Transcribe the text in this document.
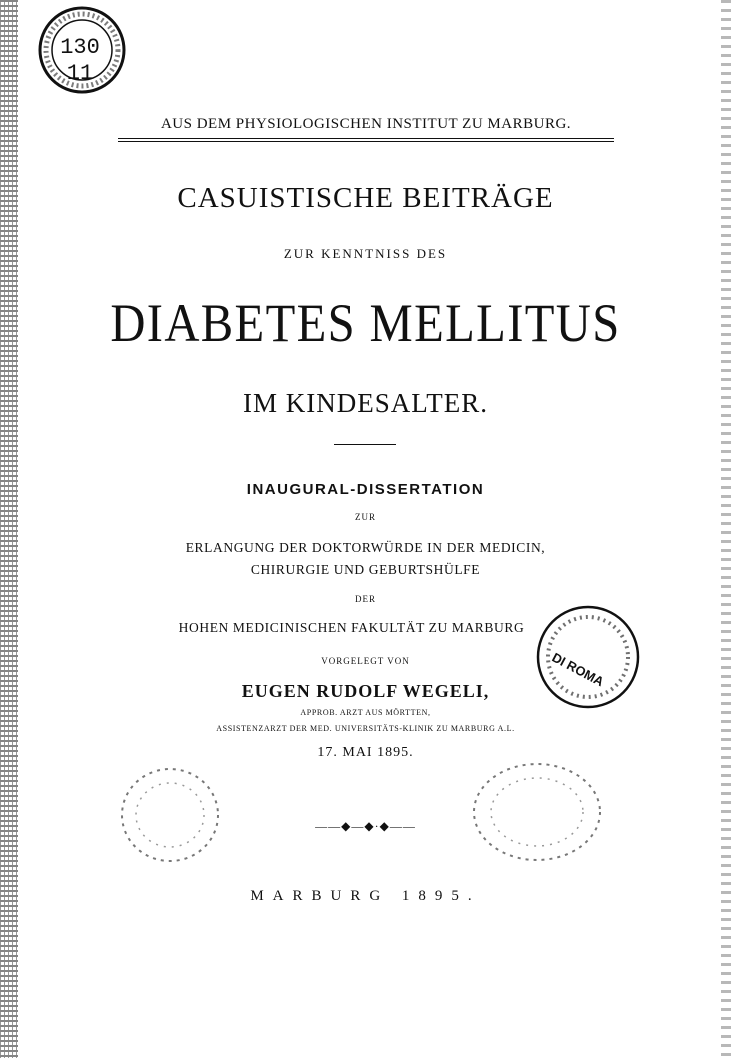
130
11
AUS DEM PHYSIOLOGISCHEN INSTITUT ZU MARBURG.
CASUISTISCHE BEITRÄGE
ZUR KENNTNISS DES
DIABETES MELLITUS
IM KINDESALTER.
INAUGURAL-DISSERTATION
ZUR
ERLANGUNG DER DOKTORWÜRDE IN DER MEDICIN,
CHIRURGIE UND GEBURTSHÜLFE
DER
HOHEN MEDICINISCHEN FAKULTÄT ZU MARBURG
VORGELEGT VON
EUGEN RUDOLF WEGELI,
APPROB. ARZT AUS MÖRTTEN,
ASSISTENZARZT DER MED. UNIVERSITÄTS-KLINIK ZU MARBURG A.L.
17. MAI 1895.
DI ROMA
——◆—◆·◆——
MARBURG 1895.
